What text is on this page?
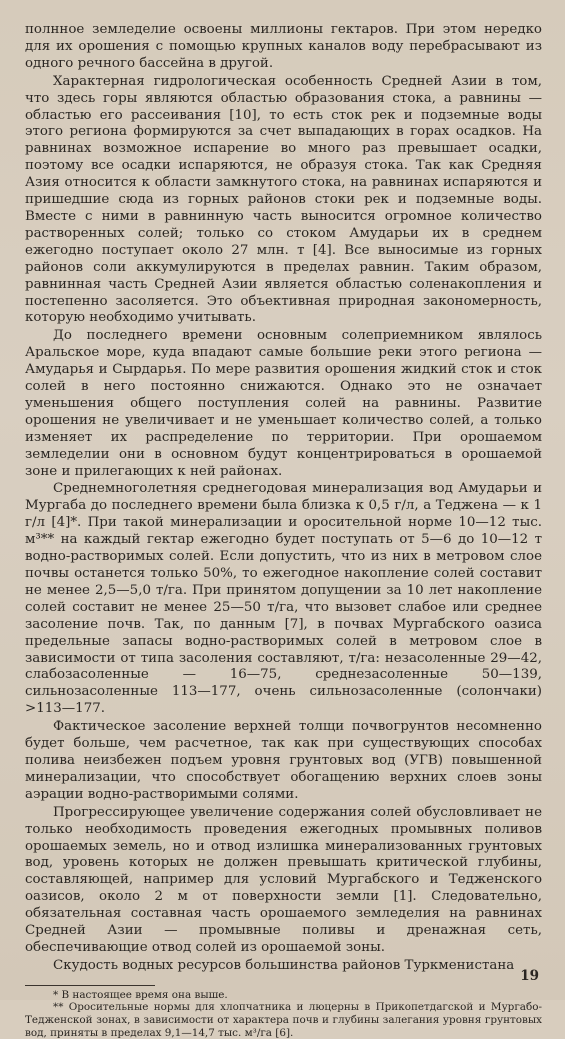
полнное земледелие освоены миллионы гектаров. При этом нередко для их орошения с помощью крупных каналов воду перебрасывают из одного речного бассейна в другой.

Характерная гидрологическая особенность Средней Азии в том, что здесь горы являются областью образования стока, а равнины — областью его рассеивания [10], то есть сток рек и подземные воды этого региона формируются за счет выпадающих в горах осадков. На равнинах возможное испарение во много раз превышает осадки, поэтому все осадки испаряются, не образуя стока. Так как Средняя Азия относится к области замкнутого стока, на равнинах испаряются и пришедшие сюда из горных районов стоки рек и подземные воды. Вместе с ними в равнинную часть выносится огромное количество растворенных солей; только со стоком Амударьи их в среднем ежегодно поступает около 27 млн. т [4]. Все выносимые из горных районов соли аккумулируются в пределах равнин. Таким образом, равнинная часть Средней Азии является областью соленакопления и постепенно засоляется. Это объективная природная закономерность, которую необходимо учитывать.

До последнего времени основным солеприемником являлось Аральское море, куда впадают самые большие реки этого региона — Амударья и Сырдарья. По мере развития орошения жидкий сток и сток солей в него постоянно снижаются. Однако это не означает уменьшения общего поступления солей на равнины. Развитие орошения не увеличивает и не уменьшает количество солей, а только изменяет их распределение по территории. При орошаемом земледелии они в основном будут концентрироваться в орошаемой зоне и прилегающих к ней районах.

Среднемноголетняя среднегодовая минерализация вод Амударьи и Мургаба до последнего времени была близка к 0,5 г/л, а Теджена — к 1 г/л [4]*. При такой минерализации и оросительной норме 10—12 тыс. м³** на каждый гектар ежегодно будет поступать от 5—6 до 10—12 т водно-растворимых солей. Если допустить, что из них в метровом слое почвы останется только 50%, то ежегодное накопление солей составит не менее 2,5—5,0 т/га. При принятом допущении за 10 лет накопление солей составит не менее 25—50 т/га, что вызовет слабое или среднее засоление почв. Так, по данным [7], в почвах Мургабского оазиса предельные запасы водно-растворимых солей в метровом слое в зависимости от типа засоления составляют, т/га: незасоленные 29—42, слабозасоленные — 16—75, среднезасоленные 50—139, сильнозасоленные 113—177, очень сильнозасоленные (солончаки) >113—177.

Фактическое засоление верхней толщи почвогрунтов несомненно будет больше, чем расчетное, так как при существующих способах полива неизбежен подъем уровня грунтовых вод (УГВ) повышенной минерализации, что способствует обогащению верхних слоев зоны аэрации водно-растворимыми солями.

Прогрессирующее увеличение содержания солей обусловливает не только необходимость проведения ежегодных промывных поливов орошаемых земель, но и отвод излишка минерализованных грунтовых вод, уровень которых не должен превышать критической глубины, составляющей, например для условий Мургабского и Тедженского оазисов, около 2 м от поверхности земли [1]. Следовательно, обязательная составная часть орошаемого земледелия на равнинах Средней Азии — промывные поливы и дренажная сеть, обеспечивающие отвод солей из орошаемой зоны.

Скудость водных ресурсов большинства районов Туркменистана

* В настоящее время она выше.

** Оросительные нормы для хлопчатника и люцерны в Прикопетдагской и Мургабо-Тедженской зонах, в зависимости от характера почв и глубины залегания уровня грунтовых вод, приняты в пределах 9,1—14,7 тыс. м³/га [6].

19
